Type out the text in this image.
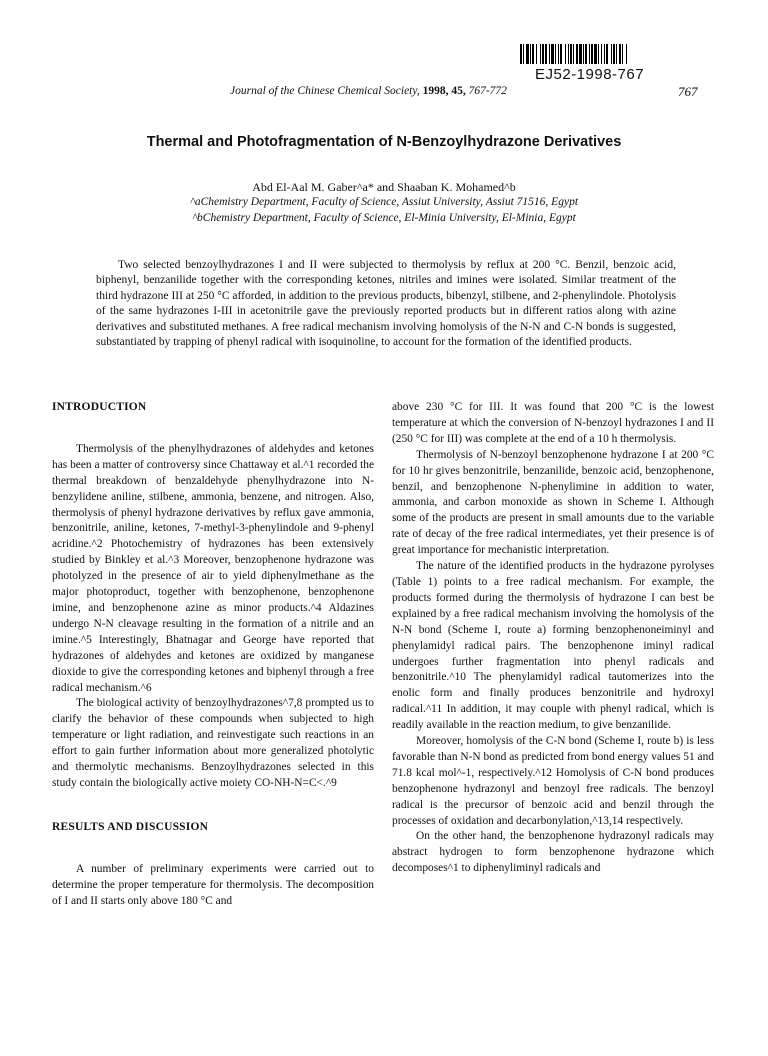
EJ52-1998-767
Journal of the Chinese Chemical Society, 1998, 45, 767-772	767
Thermal and Photofragmentation of N-Benzoylhydrazone Derivatives
Abd El-Aal M. Gaber^a* and Shaaban K. Mohamed^b
^aChemistry Department, Faculty of Science, Assiut University, Assiut 71516, Egypt
^bChemistry Department, Faculty of Science, El-Minia University, El-Minia, Egypt

Two selected benzoylhydrazones I and II were subjected to thermolysis by reflux at 200 °C. Benzil, benzoic acid, biphenyl, benzanilide together with the corresponding ketones, nitriles and imines were isolated. Similar treatment of the third hydrazone III at 250 °C afforded, in addition to the previous products, bibenzyl, stilbene, and 2-phenylindole. Photolysis of the same hydrazones I-III in acetonitrile gave the previously reported products but in different ratios along with azine derivatives and substituted methanes. A free radical mechanism involving homolysis of the N-N and C-N bonds is suggested, substantiated by trapping of phenyl radical with isoquinoline, to account for the formation of the identified products.

INTRODUCTION

Thermolysis of the phenylhydrazones of aldehydes and ketones has been a matter of controversy since Chattaway et al.^1 recorded the thermal breakdown of benzaldehyde phenylhydrazone into N-benzylidene aniline, stilbene, ammonia, benzene, and nitrogen. Also, thermolysis of phenyl hydrazone derivatives by reflux gave ammonia, benzonitrile, aniline, ketones, 7-methyl-3-phenylindole and 9-phenyl acridine.^2 Photochemistry of hydrazones has been extensively studied by Binkley et al.^3 Moreover, benzophenone hydrazone was photolyzed in the presence of air to yield diphenylmethane as the major photoproduct, together with benzophenone, benzophenone imine, and benzophenone azine as minor products.^4 Aldazines undergo N-N cleavage resulting in the formation of a nitrile and an imine.^5 Interestingly, Bhatnagar and George have reported that hydrazones of aldehydes and ketones are oxidized by manganese dioxide to give the corresponding ketones and biphenyl through a free radical mechanism.^6

The biological activity of benzoylhydrazones^7,8 prompted us to clarify the behavior of these compounds when subjected to high temperature or light radiation, and reinvestigate such reactions in an effort to gain further information about more generalized photolytic and thermolytic mechanisms. Benzoylhydrazones selected in this study contain the biologically active moiety CO-NH-N=C<.^9

RESULTS AND DISCUSSION

A number of preliminary experiments were carried out to determine the proper temperature for thermolysis. The decomposition of I and II starts only above 180 °C and

above 230 °C for III. It was found that 200 °C is the lowest temperature at which the conversion of N-benzoyl hydrazones I and II (250 °C for III) was complete at the end of a 10 h thermolysis.

Thermolysis of N-benzoyl benzophenone hydrazone I at 200 °C for 10 hr gives benzonitrile, benzanilide, benzoic acid, benzophenone, benzil, and benzophenone N-phenylimine in addition to water, ammonia, and carbon monoxide as shown in Scheme I. Although some of the products are present in small amounts due to the variable rate of decay of the free radical intermediates, yet their presence is of great importance for mechanistic interpretation.

The nature of the identified products in the hydrazone pyrolyses (Table 1) points to a free radical mechanism. For example, the products formed during the thermolysis of hydrazone I can best be explained by a free radical mechanism involving the homolysis of the N-N bond (Scheme I, route a) forming benzophenoneiminyl and phenylamidyl radical pairs. The benzophenone iminyl radical undergoes further fragmentation into phenyl radicals and benzonitrile.^10 The phenylamidyl radical tautomerizes into the enolic form and finally produces benzonitrile and hydroxyl radical.^11 In addition, it may couple with phenyl radical, which is readily available in the reaction medium, to give benzanilide.

Moreover, homolysis of the C-N bond (Scheme I, route b) is less favorable than N-N bond as predicted from bond energy values 51 and 71.8 kcal mol^-1, respectively.^12 Homolysis of C-N bond produces benzophenone hydrazonyl and benzoyl free radicals. The benzoyl radical is the precursor of benzoic acid and benzil through the processes of oxidation and decarbonylation,^13,14 respectively.

On the other hand, the benzophenone hydrazonyl radicals may abstract hydrogen to form benzophenone hydrazone which decomposes^1 to diphenyliminyl radicals and
